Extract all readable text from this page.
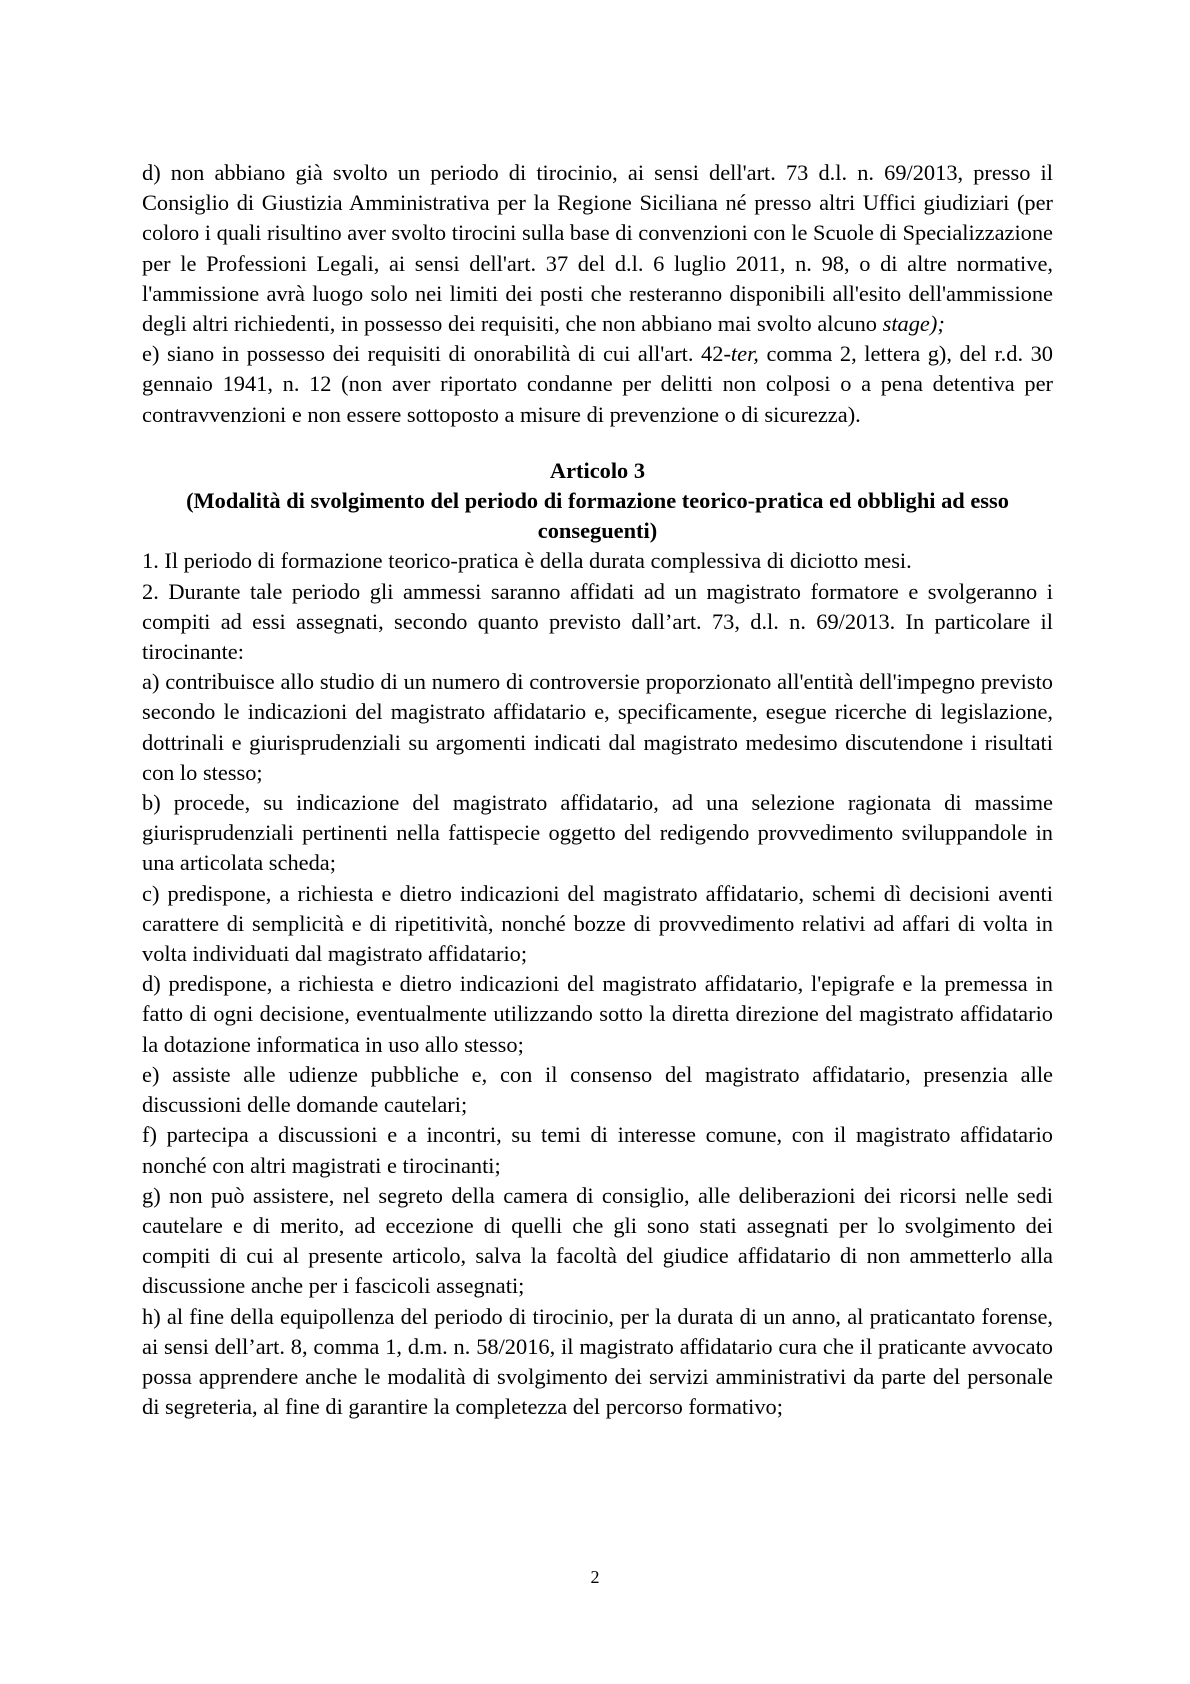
d) non abbiano già svolto un periodo di tirocinio, ai sensi dell'art. 73 d.l. n. 69/2013, presso il Consiglio di Giustizia Amministrativa per la Regione Siciliana né presso altri Uffici giudiziari (per coloro i quali risultino aver svolto tirocini sulla base di convenzioni con le Scuole di Specializzazione per le Professioni Legali, ai sensi dell'art. 37 del d.l. 6 luglio 2011, n. 98, o di altre normative, l'ammissione avrà luogo solo nei limiti dei posti che resteranno disponibili all'esito dell'ammissione degli altri richiedenti, in possesso dei requisiti, che non abbiano mai svolto alcuno stage);

e) siano in possesso dei requisiti di onorabilità di cui all'art. 42-ter, comma 2, lettera g), del r.d. 30 gennaio 1941, n. 12 (non aver riportato condanne per delitti non colposi o a pena detentiva per contravvenzioni e non essere sottoposto a misure di prevenzione o di sicurezza).

Articolo 3

(Modalità di svolgimento del periodo di formazione teorico-pratica ed obblighi ad esso conseguenti)

1. Il periodo di formazione teorico-pratica è della durata complessiva di diciotto mesi.

2. Durante tale periodo gli ammessi saranno affidati ad un magistrato formatore e svolgeranno i compiti ad essi assegnati, secondo quanto previsto dall’art. 73, d.l. n. 69/2013. In particolare il tirocinante:

a) contribuisce allo studio di un numero di controversie proporzionato all'entità dell'impegno previsto secondo le indicazioni del magistrato affidatario e, specificamente, esegue ricerche di legislazione, dottrinali e giurisprudenziali su argomenti indicati dal magistrato medesimo discutendone i risultati con lo stesso;

b) procede, su indicazione del magistrato affidatario, ad una selezione ragionata di massime giurisprudenziali pertinenti nella fattispecie oggetto del redigendo provvedimento sviluppandole in una articolata scheda;

c) predispone, a richiesta e dietro indicazioni del magistrato affidatario, schemi dì decisioni aventi carattere di semplicità e di ripetitività, nonché bozze di provvedimento relativi ad affari di volta in volta individuati dal magistrato affidatario;

d) predispone, a richiesta e dietro indicazioni del magistrato affidatario, l'epigrafe e la premessa in fatto di ogni decisione, eventualmente utilizzando sotto la diretta direzione del magistrato affidatario la dotazione informatica in uso allo stesso;

e) assiste alle udienze pubbliche e, con il consenso del magistrato affidatario, presenzia alle discussioni delle domande cautelari;

f) partecipa a discussioni e a incontri, su temi di interesse comune, con il magistrato affidatario nonché con altri magistrati e tirocinanti;

g) non può assistere, nel segreto della camera di consiglio, alle deliberazioni dei ricorsi nelle sedi cautelare e di merito, ad eccezione di quelli che gli sono stati assegnati per lo svolgimento dei compiti di cui al presente articolo, salva la facoltà del giudice affidatario di non ammetterlo alla discussione anche per i fascicoli assegnati;

h) al fine della equipollenza del periodo di tirocinio, per la durata di un anno, al praticantato forense, ai sensi dell’art. 8, comma 1, d.m. n. 58/2016, il magistrato affidatario cura che il praticante avvocato possa apprendere anche le modalità di svolgimento dei servizi amministrativi da parte del personale di segreteria, al fine di garantire la completezza del percorso formativo;

2
